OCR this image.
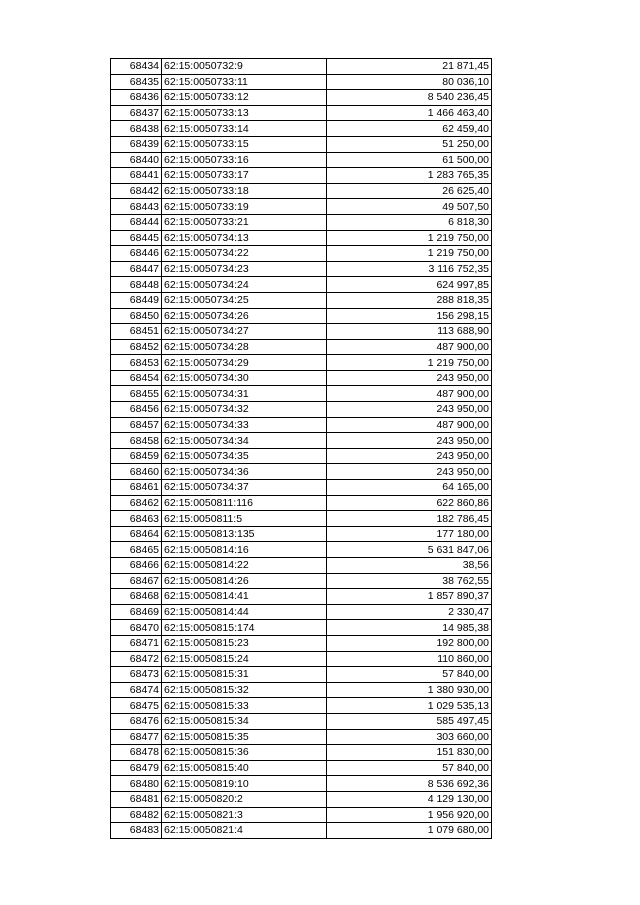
68434	62:15:0050732:9	21 871,45
68435	62:15:0050733:11	80 036,10
68436	62:15:0050733:12	8 540 236,45
68437	62:15:0050733:13	1 466 463,40
68438	62:15:0050733:14	62 459,40
68439	62:15:0050733:15	51 250,00
68440	62:15:0050733:16	61 500,00
68441	62:15:0050733:17	1 283 765,35
68442	62:15:0050733:18	26 625,40
68443	62:15:0050733:19	49 507,50
68444	62:15:0050733:21	6 818,30
68445	62:15:0050734:13	1 219 750,00
68446	62:15:0050734:22	1 219 750,00
68447	62:15:0050734:23	3 116 752,35
68448	62:15:0050734:24	624 997,85
68449	62:15:0050734:25	288 818,35
68450	62:15:0050734:26	156 298,15
68451	62:15:0050734:27	113 688,90
68452	62:15:0050734:28	487 900,00
68453	62:15:0050734:29	1 219 750,00
68454	62:15:0050734:30	243 950,00
68455	62:15:0050734:31	487 900,00
68456	62:15:0050734:32	243 950,00
68457	62:15:0050734:33	487 900,00
68458	62:15:0050734:34	243 950,00
68459	62:15:0050734:35	243 950,00
68460	62:15:0050734:36	243 950,00
68461	62:15:0050734:37	64 165,00
68462	62:15:0050811:116	622 860,86
68463	62:15:0050811:5	182 786,45
68464	62:15:0050813:135	177 180,00
68465	62:15:0050814:16	5 631 847,06
68466	62:15:0050814:22	38,56
68467	62:15:0050814:26	38 762,55
68468	62:15:0050814:41	1 857 890,37
68469	62:15:0050814:44	2 330,47
68470	62:15:0050815:174	14 985,38
68471	62:15:0050815:23	192 800,00
68472	62:15:0050815:24	110 860,00
68473	62:15:0050815:31	57 840,00
68474	62:15:0050815:32	1 380 930,00
68475	62:15:0050815:33	1 029 535,13
68476	62:15:0050815:34	585 497,45
68477	62:15:0050815:35	303 660,00
68478	62:15:0050815:36	151 830,00
68479	62:15:0050815:40	57 840,00
68480	62:15:0050819:10	8 536 692,36
68481	62:15:0050820:2	4 129 130,00
68482	62:15:0050821:3	1 956 920,00
68483	62:15:0050821:4	1 079 680,00
